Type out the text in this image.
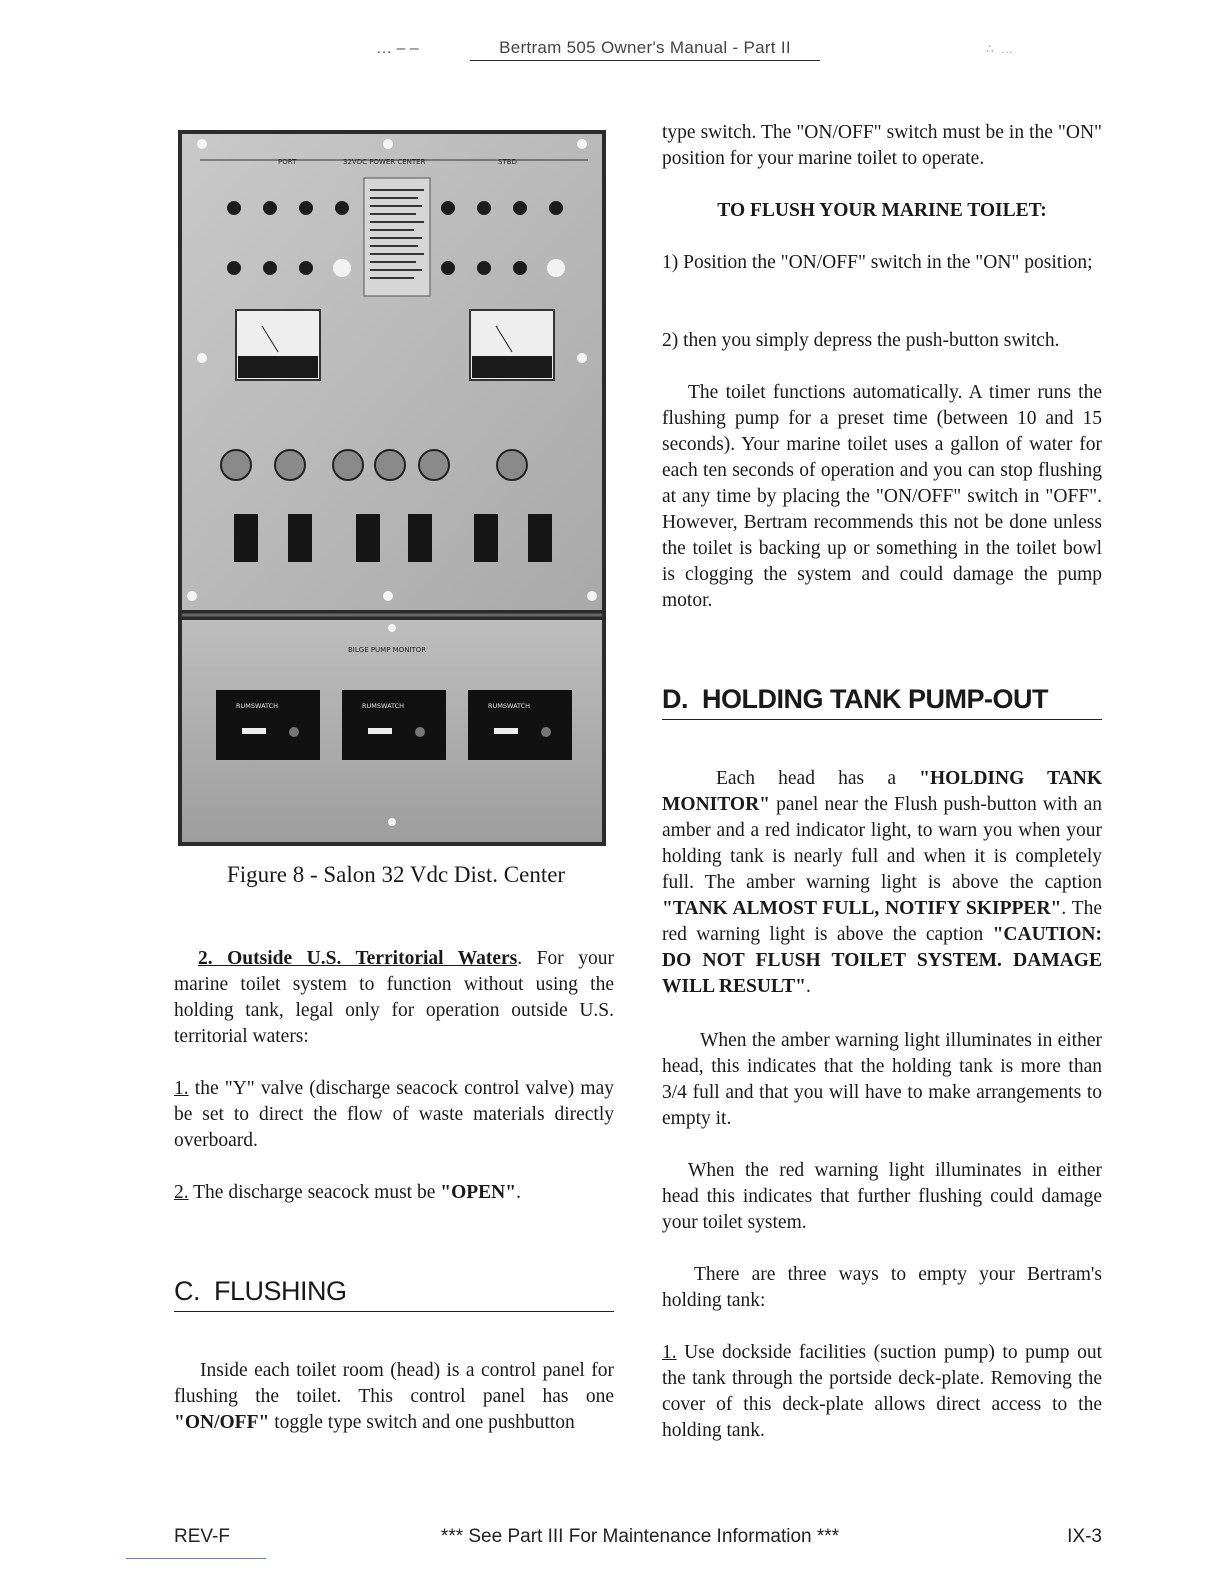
… – –	Bertram 505 Owner's Manual - Part II	∴ …
PORT	32VDC POWER CENTER	STBD
BILGE PUMP MONITOR
RUMSWATCH	RUMSWATCH	RUMSWATCH
Figure 8 - Salon 32 Vdc Dist. Center
2. Outside U.S. Territorial Waters. For your marine toilet system to function without using the holding tank, legal only for operation outside U.S. territorial waters:
1. the "Y" valve (discharge seacock control valve) may be set to direct the flow of waste materials directly overboard.
2. The discharge seacock must be "OPEN".
C. FLUSHING
Inside each toilet room (head) is a control panel for flushing the toilet. This control panel has one "ON/OFF" toggle type switch and one pushbutton
type switch. The "ON/OFF" switch must be in the "ON" position for your marine toilet to operate.
TO FLUSH YOUR MARINE TOILET:
1) Position the "ON/OFF" switch in the "ON" position;
2) then you simply depress the push-button switch.
The toilet functions automatically. A timer runs the flushing pump for a preset time (between 10 and 15 seconds). Your marine toilet uses a gallon of water for each ten seconds of operation and you can stop flushing at any time by placing the "ON/OFF" switch in "OFF". However, Bertram recommends this not be done unless the toilet is backing up or something in the toilet bowl is clogging the system and could damage the pump motor.
D. HOLDING TANK PUMP-OUT
Each head has a "HOLDING TANK MONITOR" panel near the Flush push-button with an amber and a red indicator light, to warn you when your holding tank is nearly full and when it is completely full. The amber warning light is above the caption "TANK ALMOST FULL, NOTIFY SKIPPER". The red warning light is above the caption "CAUTION: DO NOT FLUSH TOILET SYSTEM. DAMAGE WILL RESULT".
When the amber warning light illuminates in either head, this indicates that the holding tank is more than 3/4 full and that you will have to make arrangements to empty it.
When the red warning light illuminates in either head this indicates that further flushing could damage your toilet system.
There are three ways to empty your Bertram's holding tank:
1. Use dockside facilities (suction pump) to pump out the tank through the portside deck-plate. Removing the cover of this deck-plate allows direct access to the holding tank.
REV-F	*** See Part III For Maintenance Information ***	IX-3
